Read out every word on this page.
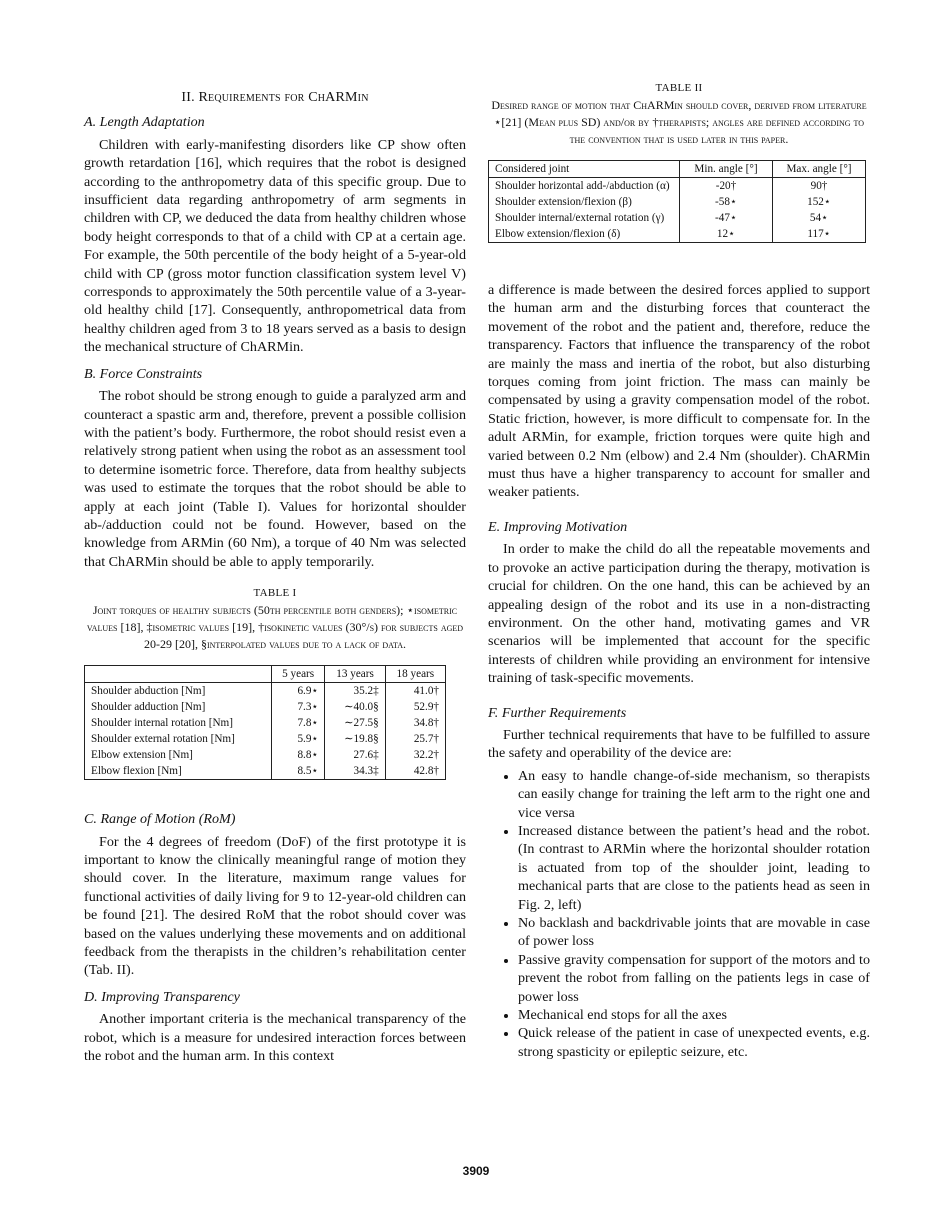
II. Requirements for ChARMin
A. Length Adaptation

Children with early-manifesting disorders like CP show often growth retardation [16], which requires that the robot is designed according to the anthropometry data of this specific group. Due to insufficient data regarding anthropometry of arm segments in children with CP, we deduced the data from healthy children whose body height corresponds to that of a child with CP at a certain age. For example, the 50th percentile of the body height of a 5-year-old child with CP (gross motor function classification system level V) corresponds to approximately the 50th percentile value of a 3-year-old healthy child [17]. Consequently, anthropometrical data from healthy children aged from 3 to 18 years served as a basis to design the mechanical structure of ChARMin.

B. Force Constraints

The robot should be strong enough to guide a paralyzed arm and counteract a spastic arm and, therefore, prevent a possible collision with the patient’s body. Furthermore, the robot should resist even a relatively strong patient when using the robot as an assessment tool to determine isometric force. Therefore, data from healthy subjects was used to estimate the torques that the robot should be able to apply at each joint (Table I). Values for horizontal shoulder ab-/adduction could not be found. However, based on the knowledge from ARMin (60 Nm), a torque of 40 Nm was selected that ChARMin should be able to apply temporarily.

TABLE I
Joint torques of healthy subjects (50th percentile both genders); ⋆isometric values [18], ‡isometric values [19], †isokinetic values (30°/s) for subjects aged 20-29 [20], §interpolated values due to a lack of data.
	5 years	13 years	18 years
Shoulder abduction [Nm]	6.9⋆	35.2‡	41.0†
Shoulder adduction [Nm]	7.3⋆	∼40.0§	52.9†
Shoulder internal rotation [Nm]	7.8⋆	∼27.5§	34.8†
Shoulder external rotation [Nm]	5.9⋆	∼19.8§	25.7†
Elbow extension [Nm]	8.8⋆	27.6‡	32.2†
Elbow flexion [Nm]	8.5⋆	34.3‡	42.8†
C. Range of Motion (RoM)

For the 4 degrees of freedom (DoF) of the first prototype it is important to know the clinically meaningful range of motion they should cover. In the literature, maximum range values for functional activities of daily living for 9 to 12-year-old children can be found [21]. The desired RoM that the robot should cover was based on the values underlying these movements and on additional feedback from the therapists in the children’s rehabilitation center (Tab. II).

D. Improving Transparency

Another important criteria is the mechanical transparency of the robot, which is a measure for undesired interaction forces between the robot and the human arm. In this context

TABLE II
Desired range of motion that ChARMin should cover, derived from literature ⋆[21] (Mean plus SD) and/or by †therapists; angles are defined according to the convention that is used later in this paper.
Considered joint	Min. angle [°]	Max. angle [°]
Shoulder horizontal add-/abduction (α)	-20†	90†
Shoulder extension/flexion (β)	-58⋆	152⋆
Shoulder internal/external rotation (γ)	-47⋆	54⋆
Elbow extension/flexion (δ)	12⋆	117⋆

a difference is made between the desired forces applied to support the human arm and the disturbing forces that counteract the movement of the robot and the patient and, therefore, reduce the transparency. Factors that influence the transparency of the robot are mainly the mass and inertia of the robot, but also disturbing torques coming from joint friction. The mass can mainly be compensated by using a gravity compensation model of the robot. Static friction, however, is more difficult to compensate for. In the adult ARMin, for example, friction torques were quite high and varied between 0.2 Nm (elbow) and 2.4 Nm (shoulder). ChARMin must thus have a higher transparency to account for smaller and weaker patients.

E. Improving Motivation

In order to make the child do all the repeatable movements and to provoke an active participation during the therapy, motivation is crucial for children. On the one hand, this can be achieved by an appealing design of the robot and its use in a non-distracting environment. On the other hand, motivating games and VR scenarios will be implemented that account for the specific interests of children while providing an environment for intensive training of task-specific movements.

F. Further Requirements

Further technical requirements that have to be fulfilled to assure the safety and operability of the device are:

• An easy to handle change-of-side mechanism, so therapists can easily change for training the left arm to the right one and vice versa
• Increased distance between the patient’s head and the robot. (In contrast to ARMin where the horizontal shoulder rotation is actuated from top of the shoulder joint, leading to mechanical parts that are close to the patients head as seen in Fig. 2, left)
• No backlash and backdrivable joints that are movable in case of power loss
• Passive gravity compensation for support of the motors and to prevent the robot from falling on the patients legs in case of power loss
• Mechanical end stops for all the axes
• Quick release of the patient in case of unexpected events, e.g. strong spasticity or epileptic seizure, etc.
3909
